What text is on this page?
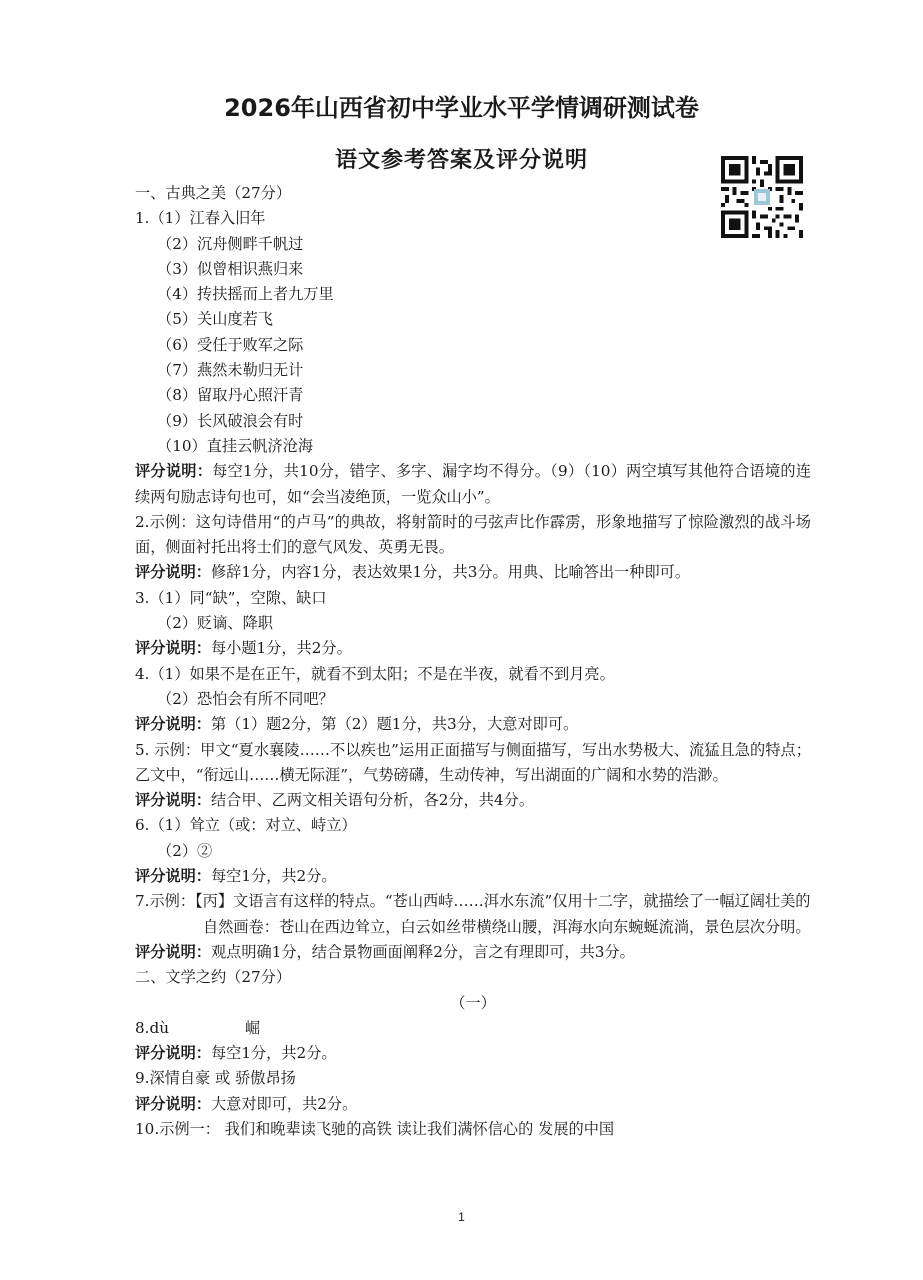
2026年山西省初中学业水平学情调研测试卷
语文参考答案及评分说明
一、古典之美（27分）
1.（1）江春入旧年
（2）沉舟侧畔千帆过
（3）似曾相识燕归来
（4）抟扶摇而上者九万里
（5）关山度若飞
（6）受任于败军之际
（7）燕然未勒归无计
（8）留取丹心照汗青
（9）长风破浪会有时
（10）直挂云帆济沧海
评分说明：每空1分，共10分，错字、多字、漏字均不得分。（9）（10）两空填写其他符合语境的连续两句励志诗句也可，如“会当凌绝顶，一览众山小”。
2.示例：这句诗借用“的卢马”的典故，将射箭时的弓弦声比作霹雳，形象地描写了惊险激烈的战斗场面，侧面衬托出将士们的意气风发、英勇无畏。
评分说明：修辞1分，内容1分，表达效果1分，共3分。用典、比喻答出一种即可。
3.（1）同“缺”，空隙、缺口
（2）贬谪、降职
评分说明：每小题1分，共2分。
4.（1）如果不是在正午，就看不到太阳；不是在半夜，就看不到月亮。
（2）恐怕会有所不同吧？
评分说明：第（1）题2分，第（2）题1分，共3分，大意对即可。
5. 示例：甲文“夏水襄陵……不以疾也”运用正面描写与侧面描写，写出水势极大、流猛且急的特点；乙文中，“衔远山……横无际涯”，气势磅礴，生动传神，写出湖面的广阔和水势的浩渺。
评分说明：结合甲、乙两文相关语句分析，各2分，共4分。
6.（1）耸立（或：对立、峙立）
（2）②
评分说明：每空1分，共2分。
7.示例：【丙】文语言有这样的特点。“苍山西峙……洱水东流”仅用十二字，就描绘了一幅辽阔壮美的自然画卷：苍山在西边耸立，白云如丝带横绕山腰，洱海水向东蜿蜒流淌，景色层次分明。
评分说明：观点明确1分，结合景物画面阐释2分，言之有理即可，共3分。
二、文学之约（27分）
（一）
8.dù　　　　　崛
评分说明：每空1分，共2分。
9.深情自豪 或 骄傲昂扬
评分说明：大意对即可，共2分。
10.示例一： 我们和晚辈读飞驰的高铁 读让我们满怀信心的 发展的中国
1
